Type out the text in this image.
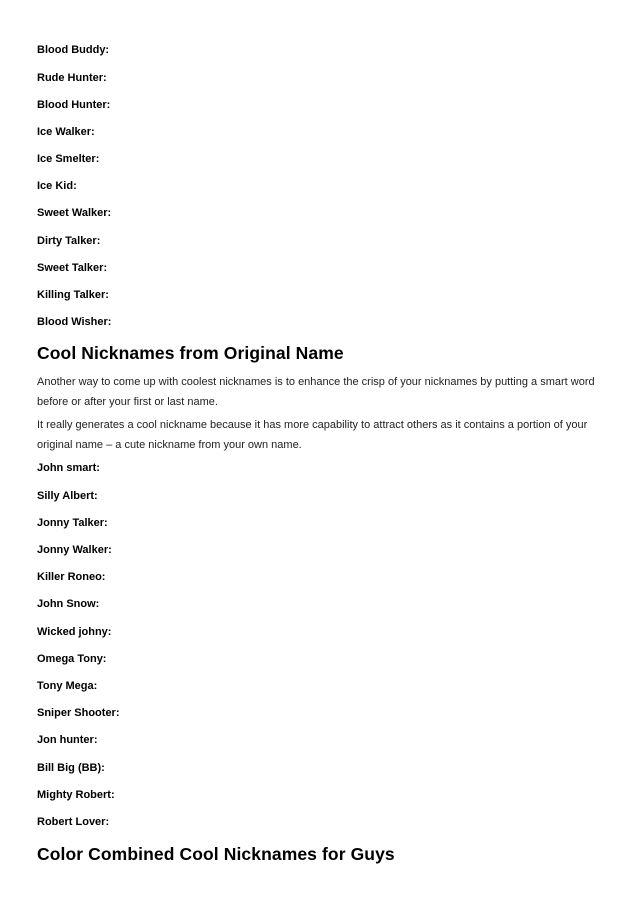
Blood Buddy:
Rude Hunter:
Blood Hunter:
Ice Walker:
Ice Smelter:
Ice Kid:
Sweet Walker:
Dirty Talker:
Sweet Talker:
Killing Talker:
Blood Wisher:
Cool Nicknames from Original Name
Another way to come up with coolest nicknames is to enhance the crisp of your nicknames by putting a smart word before or after your first or last name.
It really generates a cool nickname because it has more capability to attract others as it contains a portion of your original name – a cute nickname from your own name.
John smart:
Silly Albert:
Jonny Talker:
Jonny Walker:
Killer Roneo:
John Snow:
Wicked johny:
Omega Tony:
Tony Mega:
Sniper Shooter:
Jon hunter:
Bill Big (BB):
Mighty Robert:
Robert Lover:
Color Combined Cool Nicknames for Guys
